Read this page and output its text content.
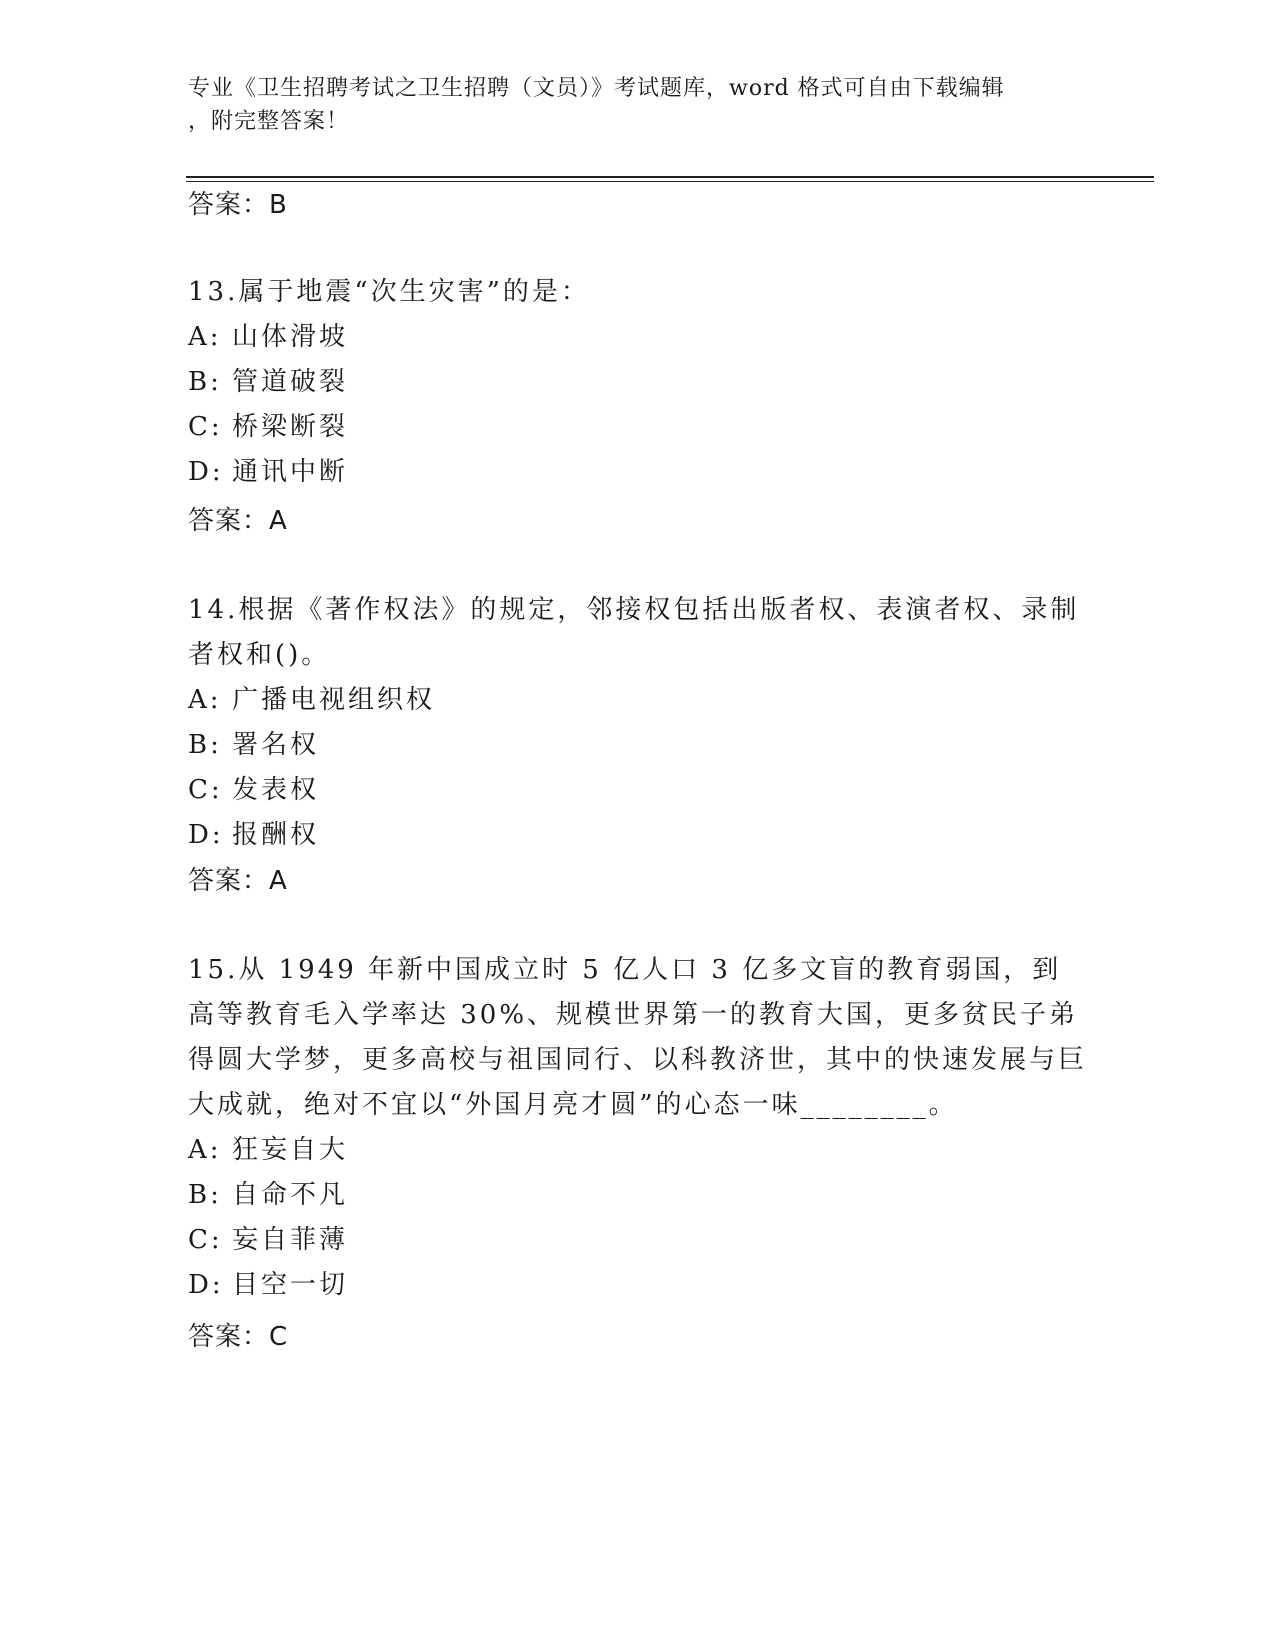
专业《卫生招聘考试之卫生招聘（文员）》考试题库，word 格式可自由下载编辑
，附完整答案！
答案：B

13.属于地震“次生灾害”的是：

A: 山体滑坡

B: 管道破裂

C: 桥梁断裂

D: 通讯中断

答案：A

14.根据《著作权法》的规定，邻接权包括出版者权、表演者权、录制者权和()。

A: 广播电视组织权

B: 署名权

C: 发表权

D: 报酬权

答案：A

15.从 1949 年新中国成立时 5 亿人口 3 亿多文盲的教育弱国，到高等教育毛入学率达 30%、规模世界第一的教育大国，更多贫民子弟得圆大学梦，更多高校与祖国同行、以科教济世，其中的快速发展与巨大成就，绝对不宜以“外国月亮才圆”的心态一味________。

A: 狂妄自大

B: 自命不凡

C: 妄自菲薄

D: 目空一切

答案：C
